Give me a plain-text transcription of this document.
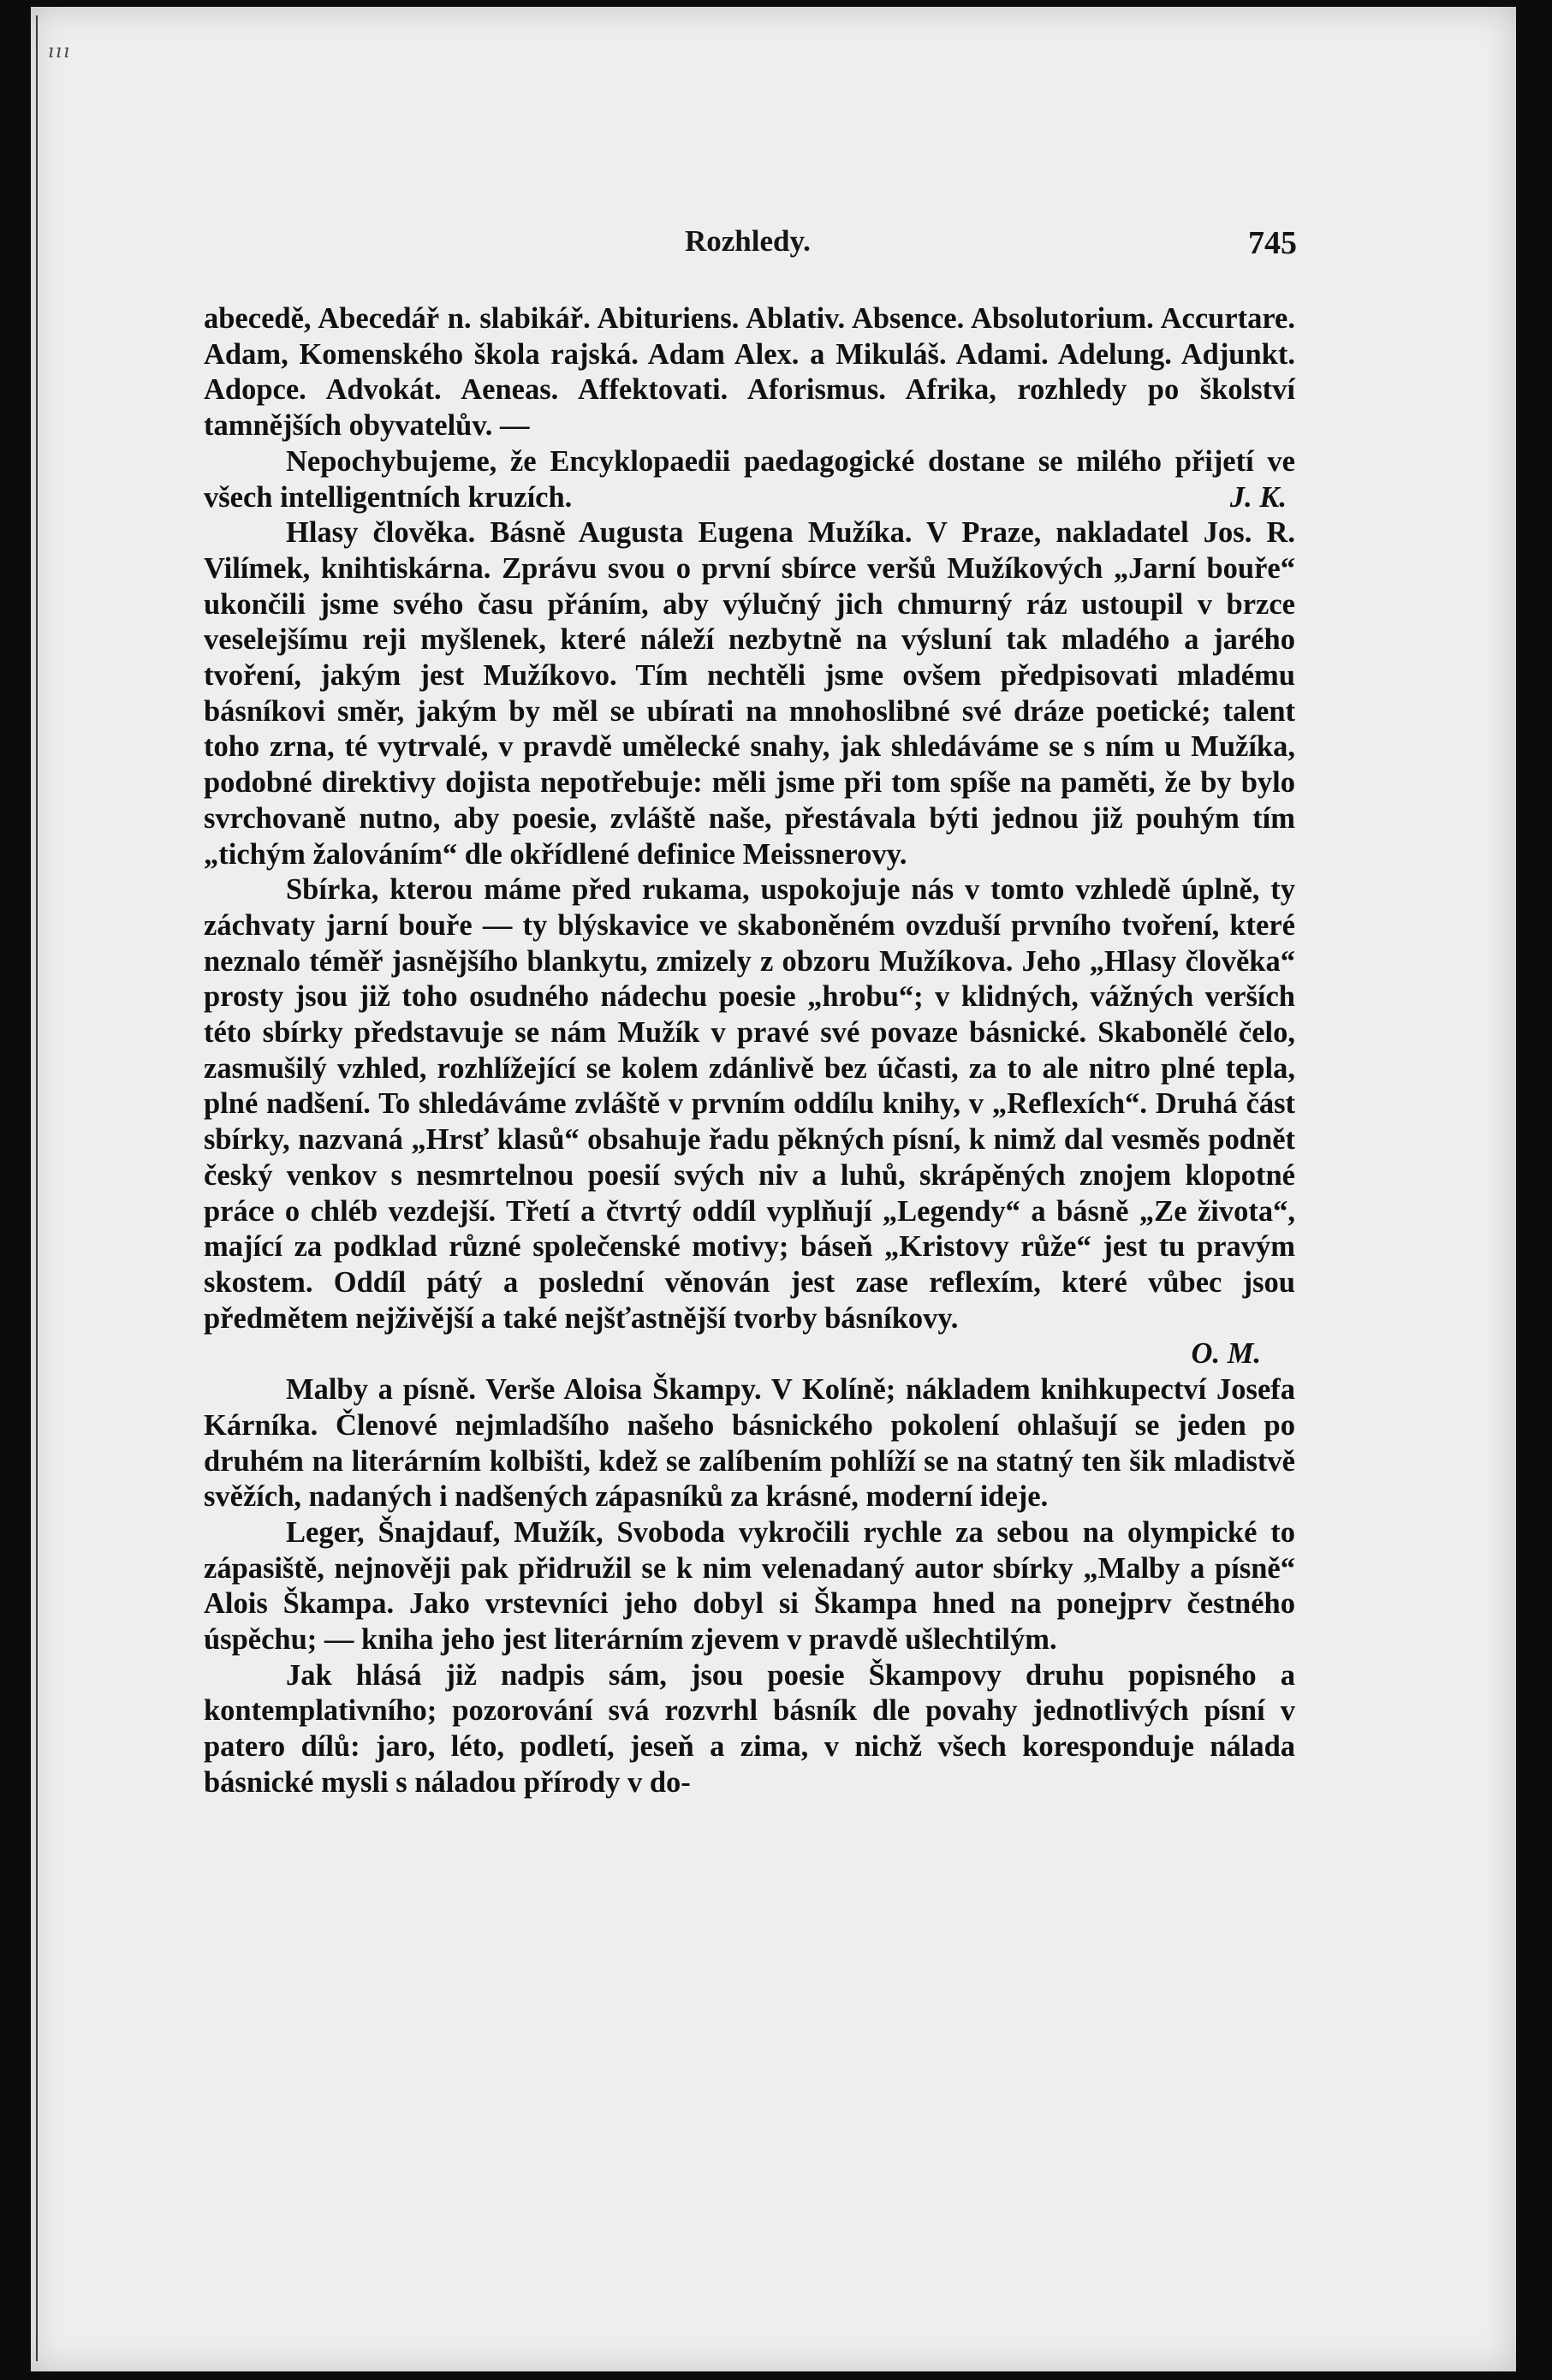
ııı
Rozhledy.	745

abecedě, Abecedář n. slabikář. Abituriens. Ablativ. Absence. Absolutorium. Accurtare. Adam, Komenského škola rajská. Adam Alex. a Mikuláš. Adami. Adelung. Adjunkt. Adopce. Advokát. Aeneas. Affektovati. Aforismus. Afrika, rozhledy po školství tamnějších obyvatelův. —

Nepochybujeme, že Encyklopaedii paedagogické dostane se milého přijetí ve všech intelligentních kruzích.	J. K.

Hlasy člověka. Básně Augusta Eugena Mužíka. V Praze, nakladatel Jos. R. Vilímek, knihtiskárna. Zprávu svou o první sbírce veršů Mužíkových „Jarní bouře“ ukončili jsme svého času přáním, aby výlučný jich chmurný ráz ustoupil v brzce veselejšímu reji myšlenek, které náleží nezbytně na výsluní tak mladého a jarého tvoření, jakým jest Mužíkovo. Tím nechtěli jsme ovšem předpisovati mladému básníkovi směr, jakým by měl se ubírati na mnohoslibné své dráze poetické; talent toho zrna, té vytrvalé, v pravdě umělecké snahy, jak shledáváme se s ním u Mužíka, podobné direktivy dojista nepotřebuje: měli jsme při tom spíše na paměti, že by bylo svrchovaně nutno, aby poesie, zvláště naše, přestávala býti jednou již pouhým tím „tichým žalováním“ dle okřídlené definice Meissnerovy.

Sbírka, kterou máme před rukama, uspokojuje nás v tomto vzhledě úplně, ty záchvaty jarní bouře — ty blýskavice ve skaboněném ovzduší prvního tvoření, které neznalo téměř jasnějšího blankytu, zmizely z obzoru Mužíkova. Jeho „Hlasy člověka“ prosty jsou již toho osudného nádechu poesie „hrobu“; v klidných, vážných verších této sbírky představuje se nám Mužík v pravé své povaze básnické. Skabonělé čelo, zasmušilý vzhled, rozhlížející se kolem zdánlivě bez účasti, za to ale nitro plné tepla, plné nadšení. To shledáváme zvláště v prvním oddílu knihy, v „Reflexích“. Druhá část sbírky, nazvaná „Hrsť klasů“ obsahuje řadu pěkných písní, k nimž dal vesměs podnět český venkov s nesmrtelnou poesií svých niv a luhů, skrápěných znojem klopotné práce o chléb vezdejší. Třetí a čtvrtý oddíl vyplňují „Legendy“ a básně „Ze života“, mající za podklad různé společenské motivy; báseň „Kristovy růže“ jest tu pravým skostem. Oddíl pátý a poslední věnován jest zase reflexím, které vůbec jsou předmětem nejživější a také nejšťastnější tvorby básníkovy.

O. M.

Malby a písně. Verše Aloisa Škampy. V Kolíně; nákladem knihkupectví Josefa Kárníka. Členové nejmladšího našeho básnického pokolení ohlašují se jeden po druhém na literárním kolbišti, kdež se zalíbením pohlíží se na statný ten šik mladistvě svěžích, nadaných i nadšených zápasníků za krásné, moderní ideje.

Leger, Šnajdauf, Mužík, Svoboda vykročili rychle za sebou na olympické to zápasiště, nejnověji pak přidružil se k nim velenadaný autor sbírky „Malby a písně“ Alois Škampa. Jako vrstevníci jeho dobyl si Škampa hned na ponejprv čestného úspěchu; — kniha jeho jest literárním zjevem v pravdě ušlechtilým.

Jak hlásá již nadpis sám, jsou poesie Škampovy druhu popisného a kontemplativního; pozorování svá rozvrhl básník dle povahy jednotlivých písní v patero dílů: jaro, léto, podletí, jeseň a zima, v nichž všech koresponduje nálada básnické mysli s náladou přírody v do-
